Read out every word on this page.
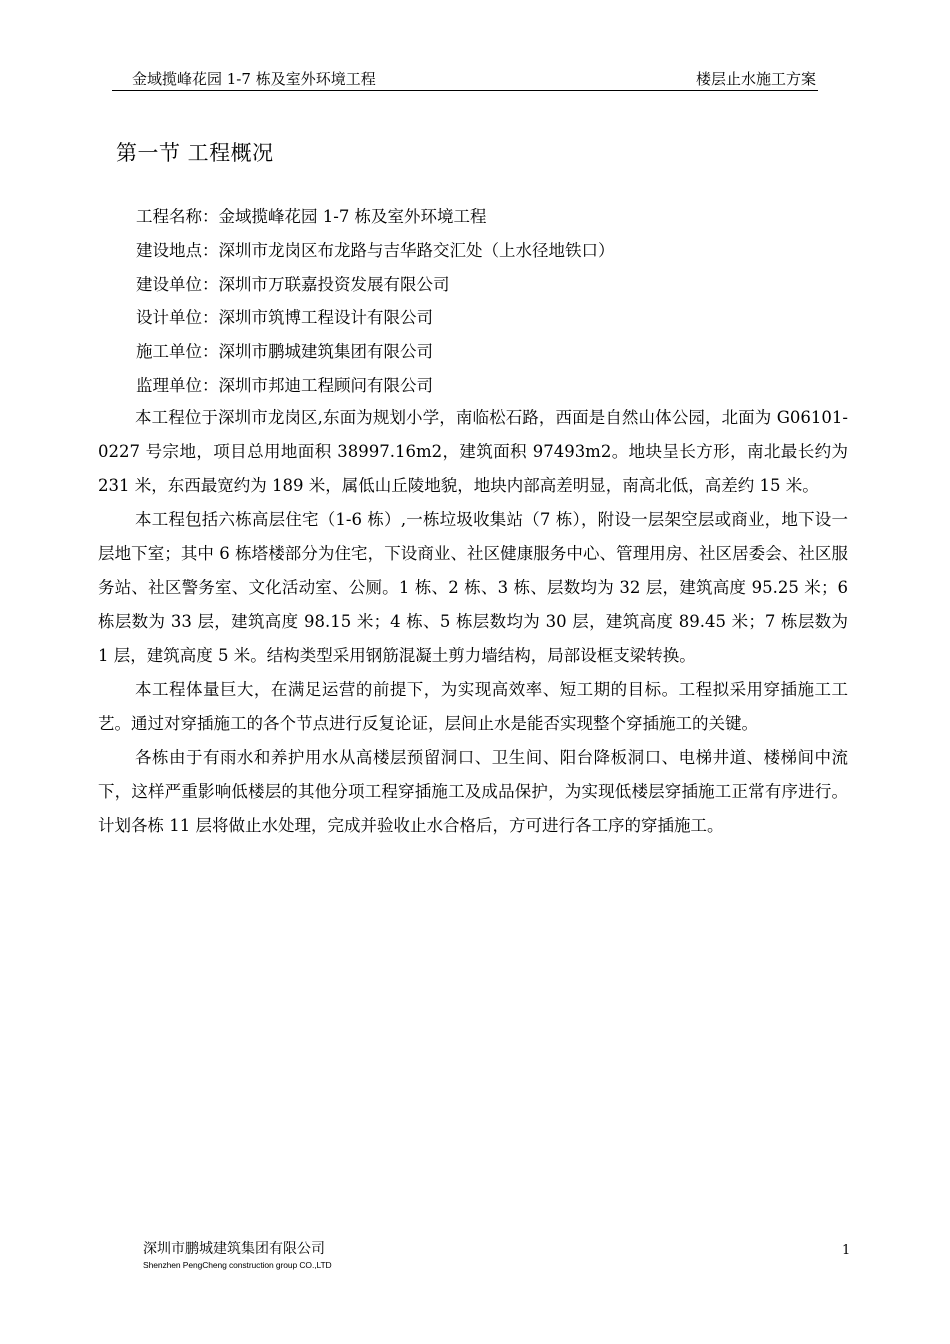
金域揽峰花园 1-7 栋及室外环境工程	楼层止水施工方案
第一节 工程概况
工程名称：金域揽峰花园 1-7 栋及室外环境工程
建设地点：深圳市龙岗区布龙路与吉华路交汇处（上水径地铁口）
建设单位：深圳市万联嘉投资发展有限公司
设计单位：深圳市筑博工程设计有限公司
施工单位：深圳市鹏城建筑集团有限公司
监理单位：深圳市邦迪工程顾问有限公司

本工程位于深圳市龙岗区,东面为规划小学，南临松石路，西面是自然山体公园，北面为 G06101-0227 号宗地，项目总用地面积 38997.16m2，建筑面积 97493m2。地块呈长方形，南北最长约为 231 米，东西最宽约为 189 米，属低山丘陵地貌，地块内部高差明显，南高北低，高差约 15 米。

本工程包括六栋高层住宅（1-6 栋）,一栋垃圾收集站（7 栋），附设一层架空层或商业，地下设一层地下室；其中 6 栋塔楼部分为住宅，下设商业、社区健康服务中心、管理用房、社区居委会、社区服务站、社区警务室、文化活动室、公厕。1 栋、2 栋、3 栋、层数均为 32 层，建筑高度 95.25 米；6 栋层数为 33 层，建筑高度 98.15 米；4 栋、5 栋层数均为 30 层，建筑高度 89.45 米；7 栋层数为 1 层，建筑高度 5 米。结构类型采用钢筋混凝土剪力墙结构，局部设框支梁转换。

本工程体量巨大，在满足运营的前提下，为实现高效率、短工期的目标。工程拟采用穿插施工工艺。通过对穿插施工的各个节点进行反复论证，层间止水是能否实现整个穿插施工的关键。

各栋由于有雨水和养护用水从高楼层预留洞口、卫生间、阳台降板洞口、电梯井道、楼梯间中流下，这样严重影响低楼层的其他分项工程穿插施工及成品保护，为实现低楼层穿插施工正常有序进行。计划各栋 11 层将做止水处理，完成并验收止水合格后，方可进行各工序的穿插施工。

深圳市鹏城建筑集团有限公司
Shenzhen PengCheng construction group CO.,LTD
1
